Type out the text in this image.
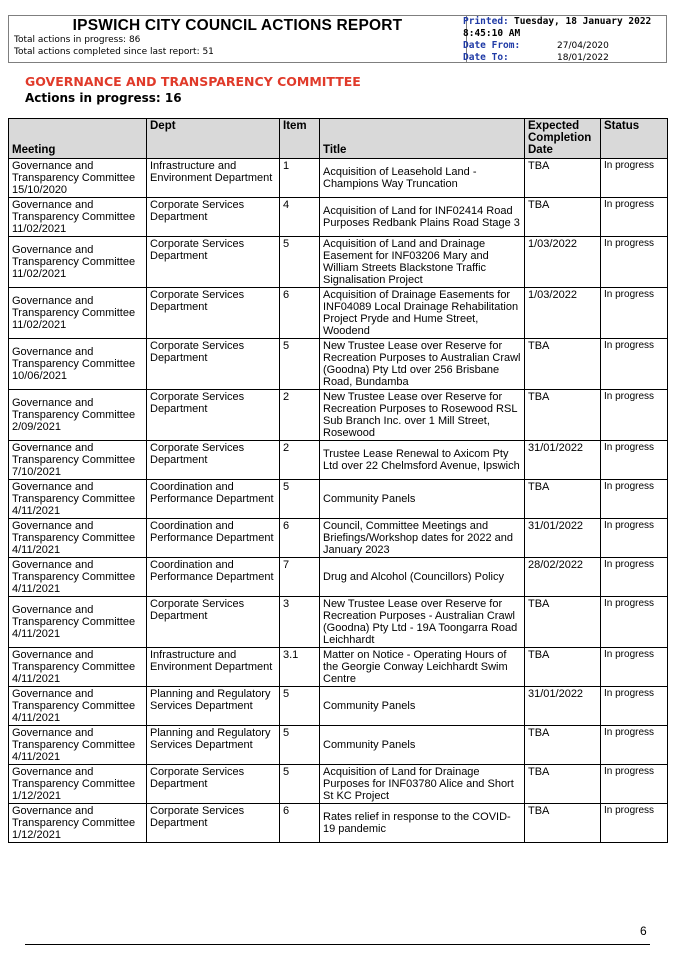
IPSWICH CITY COUNCIL ACTIONS REPORT
Total actions in progress: 86
Total actions completed since last report: 51
Printed: Tuesday, 18 January 2022
8:45:10 AM
Date From:	27/04/2020
Date To:	18/01/2022
GOVERNANCE AND TRANSPARENCY COMMITTEE
Actions in progress: 16
Meeting	Dept	Item	Title	Expected Completion Date	Status
Governance and Transparency Committee 15/10/2020	Infrastructure and Environment Department	1	Acquisition of Leasehold Land - Champions Way Truncation	TBA	In progress
Governance and Transparency Committee 11/02/2021	Corporate Services Department	4	Acquisition of Land for INF02414 Road Purposes Redbank Plains Road Stage 3	TBA	In progress
Governance and Transparency Committee 11/02/2021	Corporate Services Department	5	Acquisition of Land and Drainage Easement for INF03206 Mary and William Streets Blackstone Traffic Signalisation Project	1/03/2022	In progress
Governance and Transparency Committee 11/02/2021	Corporate Services Department	6	Acquisition of Drainage Easements for INF04089 Local Drainage Rehabilitation Project Pryde and Hume Street, Woodend	1/03/2022	In progress
Governance and Transparency Committee 10/06/2021	Corporate Services Department	5	New Trustee Lease over Reserve for Recreation Purposes to Australian Crawl (Goodna) Pty Ltd over 256 Brisbane Road, Bundamba	TBA	In progress
Governance and Transparency Committee 2/09/2021	Corporate Services Department	2	New Trustee Lease over Reserve for Recreation Purposes to Rosewood RSL Sub Branch Inc. over 1 Mill Street, Rosewood	TBA	In progress
Governance and Transparency Committee 7/10/2021	Corporate Services Department	2	Trustee Lease Renewal to Axicom Pty Ltd over 22 Chelmsford Avenue, Ipswich	31/01/2022	In progress
Governance and Transparency Committee 4/11/2021	Coordination and Performance Department	5	Community Panels	TBA	In progress
Governance and Transparency Committee 4/11/2021	Coordination and Performance Department	6	Council, Committee Meetings and Briefings/Workshop dates for 2022 and January 2023	31/01/2022	In progress
Governance and Transparency Committee 4/11/2021	Coordination and Performance Department	7	Drug and Alcohol (Councillors) Policy	28/02/2022	In progress
Governance and Transparency Committee 4/11/2021	Corporate Services Department	3	New Trustee Lease over Reserve for Recreation Purposes - Australian Crawl (Goodna) Pty Ltd - 19A Toongarra Road Leichhardt	TBA	In progress
Governance and Transparency Committee 4/11/2021	Infrastructure and Environment Department	3.1	Matter on Notice - Operating Hours of the Georgie Conway Leichhardt Swim Centre	TBA	In progress
Governance and Transparency Committee 4/11/2021	Planning and Regulatory Services Department	5	Community Panels	31/01/2022	In progress
Governance and Transparency Committee 4/11/2021	Planning and Regulatory Services Department	5	Community Panels	TBA	In progress
Governance and Transparency Committee 1/12/2021	Corporate Services Department	5	Acquisition of Land for Drainage Purposes for INF03780 Alice and Short St KC Project	TBA	In progress
Governance and Transparency Committee 1/12/2021	Corporate Services Department	6	Rates relief in response to the COVID-19 pandemic	TBA	In progress
6
